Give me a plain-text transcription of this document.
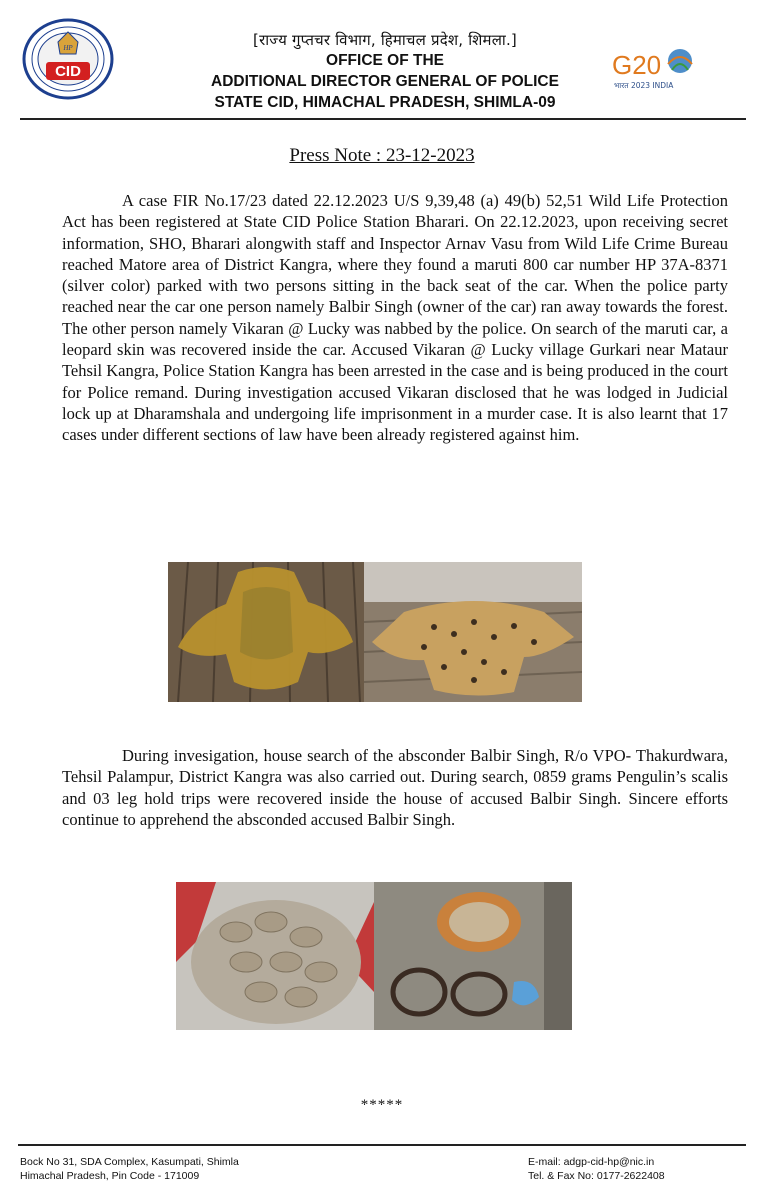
HP
CID
[राज्य गुप्तचर विभाग, हिमाचल प्रदेश, शिमला.]
OFFICE OF THE
ADDITIONAL DIRECTOR GENERAL OF POLICE
STATE CID, HIMACHAL PRADESH, SHIMLA-09
G20
भारत 2023 INDIA
Press Note : 23-12-2023
A case FIR No.17/23 dated 22.12.2023 U/S 9,39,48 (a) 49(b) 52,51 Wild Life Protection Act has been registered at State CID Police Station Bharari. On 22.12.2023, upon receiving secret information, SHO, Bharari alongwith staff and Inspector Arnav Vasu from Wild Life Crime Bureau reached Matore area of District Kangra, where they found a maruti 800 car number HP 37A-8371 (silver color) parked with two persons sitting in the back seat of the car. When the police party reached near the car one person namely Balbir Singh (owner of the car) ran away towards the forest. The other person namely Vikaran @ Lucky was nabbed by the police. On search of the maruti car, a leopard skin was recovered inside the car. Accused Vikaran @ Lucky village Gurkari near Mataur Tehsil Kangra, Police Station Kangra has been arrested in the case and is being produced in the court for Police remand. During investigation accused Vikaran disclosed that he was lodged in Judicial lock up at Dharamshala and undergoing life imprisonment in a murder case. It is also learnt that 17 cases under different sections of law have been already registered against him.
During invesigation, house search of the absconder Balbir Singh, R/o VPO- Thakurdwara, Tehsil Palampur, District Kangra was also carried out. During search, 0859 grams Pengulin’s scalis and 03 leg hold trips were recovered inside the house of accused Balbir Singh. Sincere efforts continue to apprehend the absconded accused Balbir Singh.
*****
Bock No 31, SDA Complex, Kasumpati, Shimla
Himachal Pradesh, Pin Code - 171009
E-mail: adgp-cid-hp@nic.in
Tel. & Fax No: 0177-2622408
